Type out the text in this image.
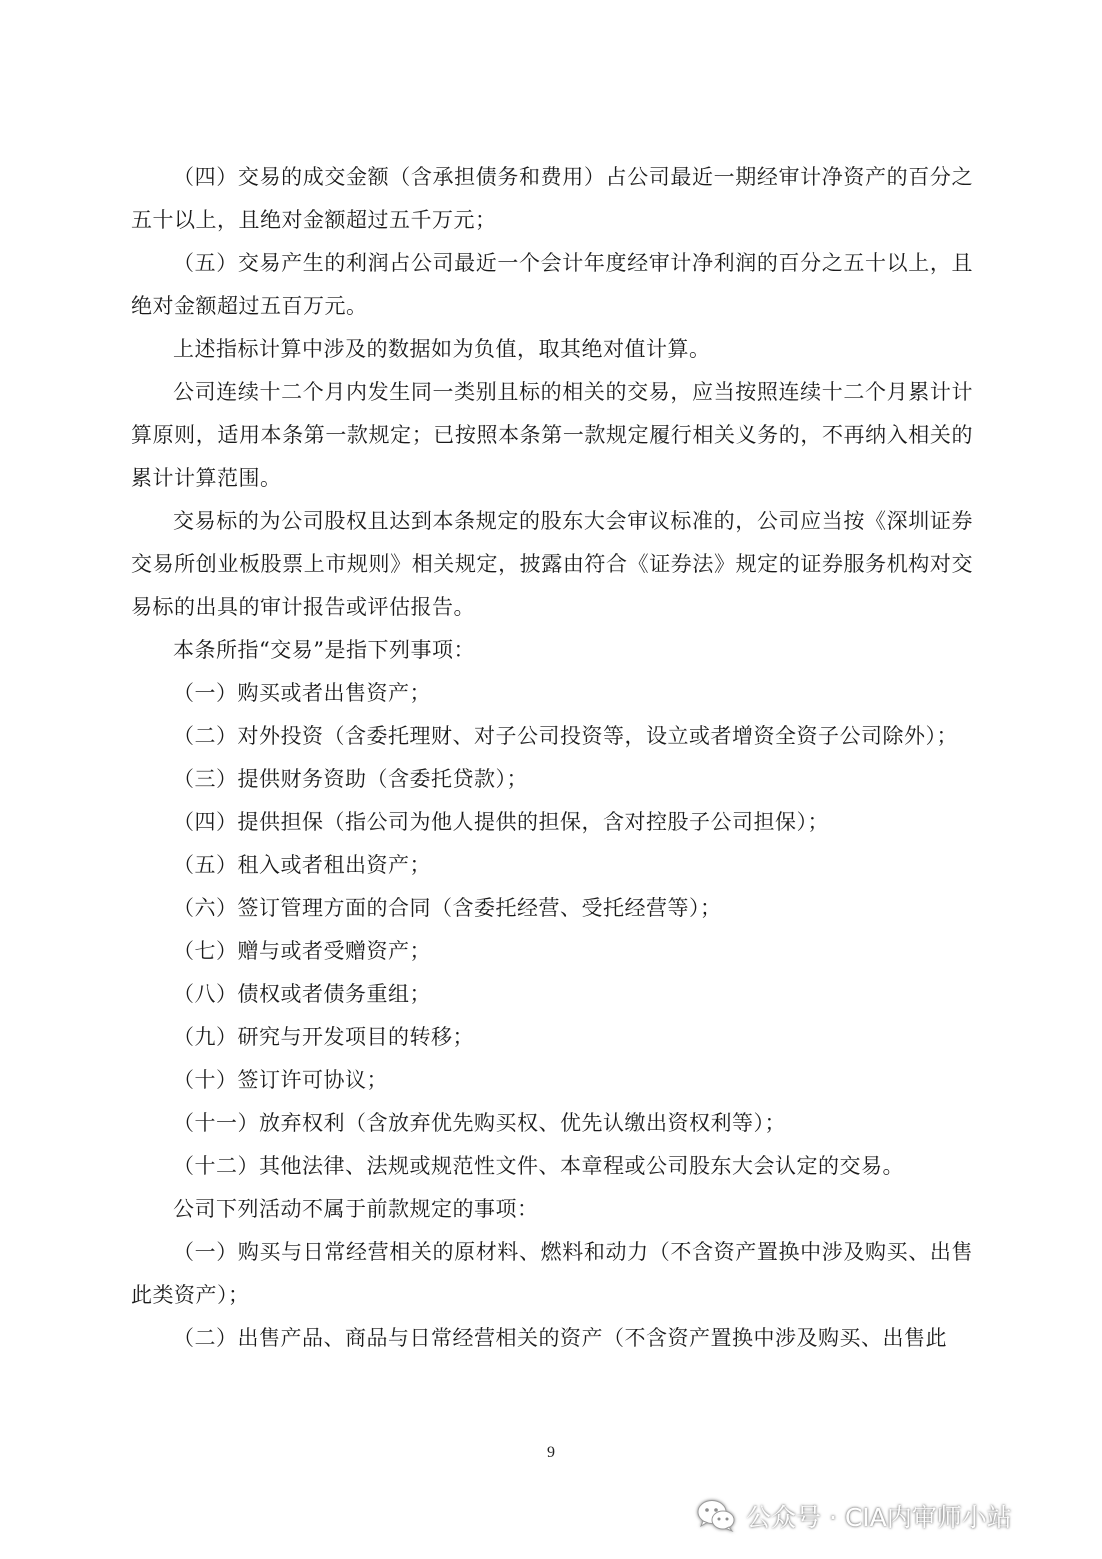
（四）交易的成交金额（含承担债务和费用）占公司最近一期经审计净资产的百分之五十以上，且绝对金额超过五千万元；

（五）交易产生的利润占公司最近一个会计年度经审计净利润的百分之五十以上，且绝对金额超过五百万元。

上述指标计算中涉及的数据如为负值，取其绝对值计算。

公司连续十二个月内发生同一类别且标的相关的交易，应当按照连续十二个月累计计算原则，适用本条第一款规定；已按照本条第一款规定履行相关义务的，不再纳入相关的累计计算范围。

交易标的为公司股权且达到本条规定的股东大会审议标准的，公司应当按《深圳证券交易所创业板股票上市规则》相关规定，披露由符合《证券法》规定的证券服务机构对交易标的出具的审计报告或评估报告。

本条所指“交易”是指下列事项：

（一）购买或者出售资产；

（二）对外投资（含委托理财、对子公司投资等，设立或者增资全资子公司除外）；

（三）提供财务资助（含委托贷款）；

（四）提供担保（指公司为他人提供的担保，含对控股子公司担保）；

（五）租入或者租出资产；

（六）签订管理方面的合同（含委托经营、受托经营等）；

（七）赠与或者受赠资产；

（八）债权或者债务重组；

（九）研究与开发项目的转移；

（十）签订许可协议；

（十一）放弃权利（含放弃优先购买权、优先认缴出资权利等）；

（十二）其他法律、法规或规范性文件、本章程或公司股东大会认定的交易。

公司下列活动不属于前款规定的事项：

（一）购买与日常经营相关的原材料、燃料和动力（不含资产置换中涉及购买、出售此类资产）；

（二）出售产品、商品与日常经营相关的资产（不含资产置换中涉及购买、出售此

9
公众号 · CIA内审师小站
